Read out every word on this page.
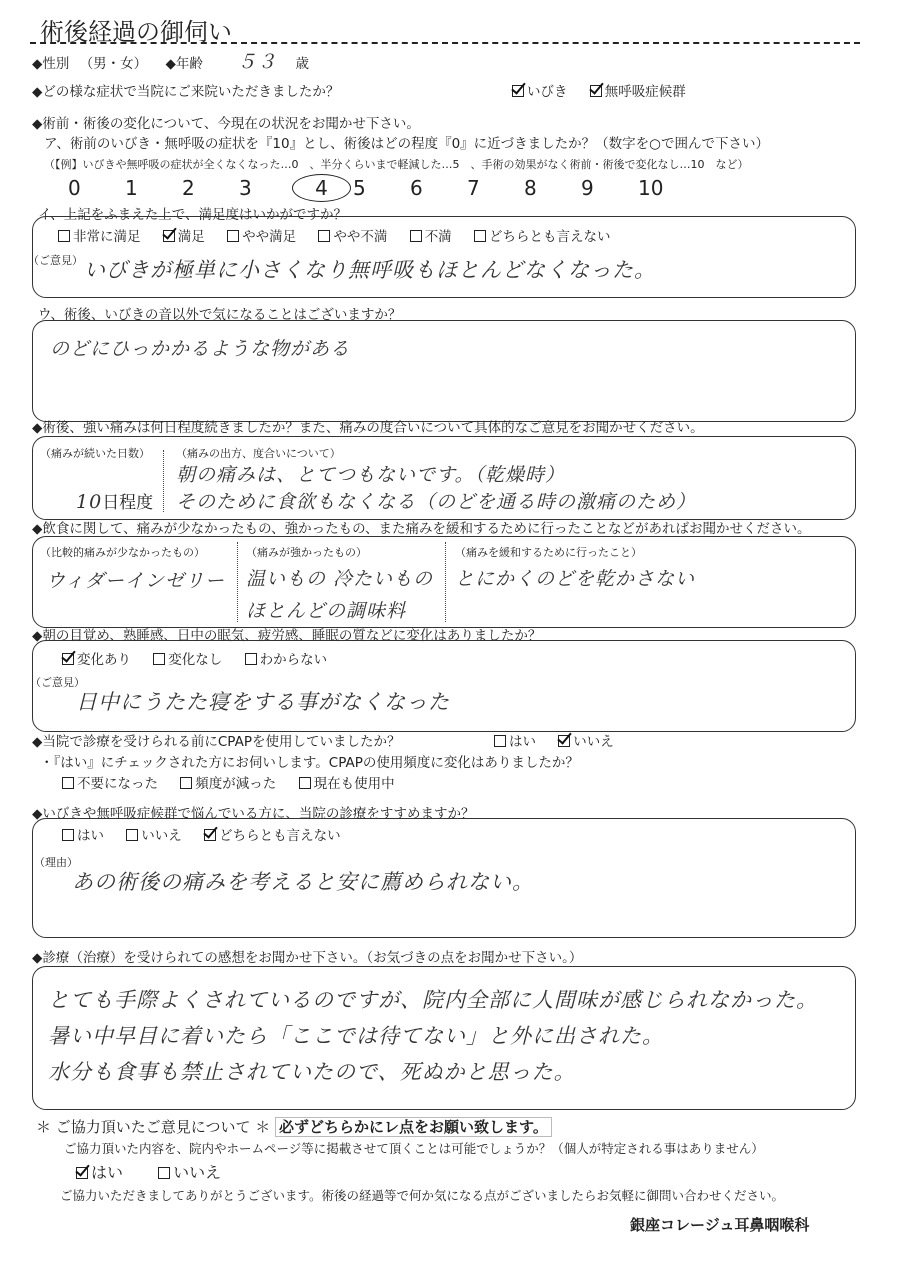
術後経過の御伺い
◆性別 （男・女） ◆年齢 ５３ 歳
◆どの様な症状で当院にご来院いただきましたか？	いびき	無呼吸症候群
◆術前・術後の変化について、今現在の状況をお聞かせ下さい。
ア、術前のいびき・無呼吸の症状を『10』とし、術後はどの程度『0』に近づきましたか？（数字を○で囲んで下さい）
（【例】いびきや無呼吸の症状が全くなくなった…0　、半分くらいまで軽減した…5　、手術の効果がなく術前・術後で変化なし…10　など）
0 1 2 3	4 5 6 7 8 9 10
イ、上記をふまえた上で、満足度はいかがですか？
非常に満足	満足	やや満足	やや不満	不満	どちらとも言えない
（ご意見） いびきが極単に小さくなり無呼吸もほとんどなくなった。
ウ、術後、いびきの音以外で気になることはございますか？
のどにひっかかるような物がある
◆術後、強い痛みは何日程度続きましたか？また、痛みの度合いについて具体的なご意見をお聞かせください。
（痛みが続いた日数）
10日程度
（痛みの出方、度合いについて）
朝の痛みは、とてつもないです。（乾燥時）
そのために食欲もなくなる（のどを通る時の激痛のため）
◆飲食に関して、痛みが少なかったもの、強かったもの、また痛みを緩和するために行ったことなどがあればお聞かせください。
（比較的痛みが少なかったもの）
ウィダーインゼリー
（痛みが強かったもの）
温いもの 冷たいもの
ほとんどの調味料
（痛みを緩和するために行ったこと）
とにかくのどを乾かさない
◆朝の目覚め、熟睡感、日中の眠気、疲労感、睡眠の質などに変化はありましたか？
変化あり	変化なし	わからない
（ご意見）
日中にうたた寝をする事がなくなった
◆当院で診療を受けられる前にCPAPを使用していましたか？	はい	いいえ
・『はい』にチェックされた方にお伺いします。CPAPの使用頻度に変化はありましたか？
不要になった	頻度が減った	現在も使用中
◆いびきや無呼吸症候群で悩んでいる方に、当院の診療をすすめますか？
はい	いいえ	どちらとも言えない
（理由）
あの術後の痛みを考えると安に薦められない。
◆診療（治療）を受けられての感想をお聞かせ下さい。（お気づきの点をお聞かせ下さい。）
とても手際よくされているのですが、院内全部に人間味が感じられなかった。
暑い中早目に着いたら「ここでは待てない」と外に出された。
水分も食事も禁止されていたので、死ぬかと思った。
＊ ご協力頂いたご意見について ＊ 必ずどちらかにレ点をお願い致します。
ご協力頂いた内容を、院内やホームページ等に掲載させて頂くことは可能でしょうか？（個人が特定される事はありません）
はい	いいえ
ご協力いただきましてありがとうございます。術後の経過等で何か気になる点がございましたらお気軽に御問い合わせください。
銀座コレージュ耳鼻咽喉科
